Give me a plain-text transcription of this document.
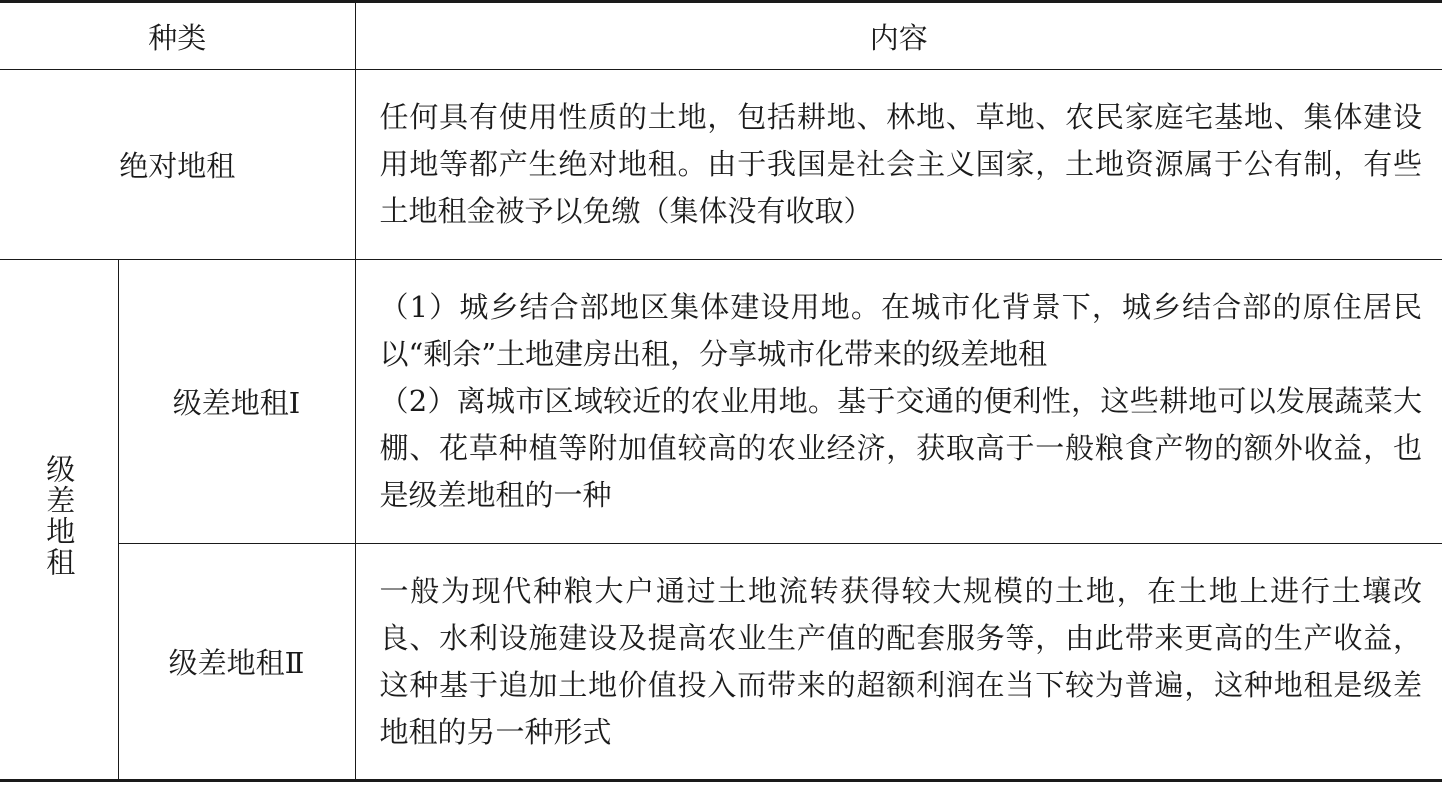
种类		内容
绝对地租		任何具有使用性质的土地，包括耕地、林地、草地、农民家庭宅基地、集体建设用地等都产生绝对地租。由于我国是社会主义国家，土地资源属于公有制，有些土地租金被予以免缴（集体没有收取）

级差地租	级差地租Ⅰ	（1）城乡结合部地区集体建设用地。在城市化背景下，城乡结合部的原住居民以“剩余”土地建房出租，分享城市化带来的级差地租

（2）离城市区域较近的农业用地。基于交通的便利性，这些耕地可以发展蔬菜大棚、花草种植等附加值较高的农业经济，获取高于一般粮食产物的额外收益，也是级差地租的一种

	级差地租Ⅱ	一般为现代种粮大户通过土地流转获得较大规模的土地，在土地上进行土壤改良、水利设施建设及提高农业生产值的配套服务等，由此带来更高的生产收益，这种基于追加土地价值投入而带来的超额利润在当下较为普遍，这种地租是级差地租的另一种形式
